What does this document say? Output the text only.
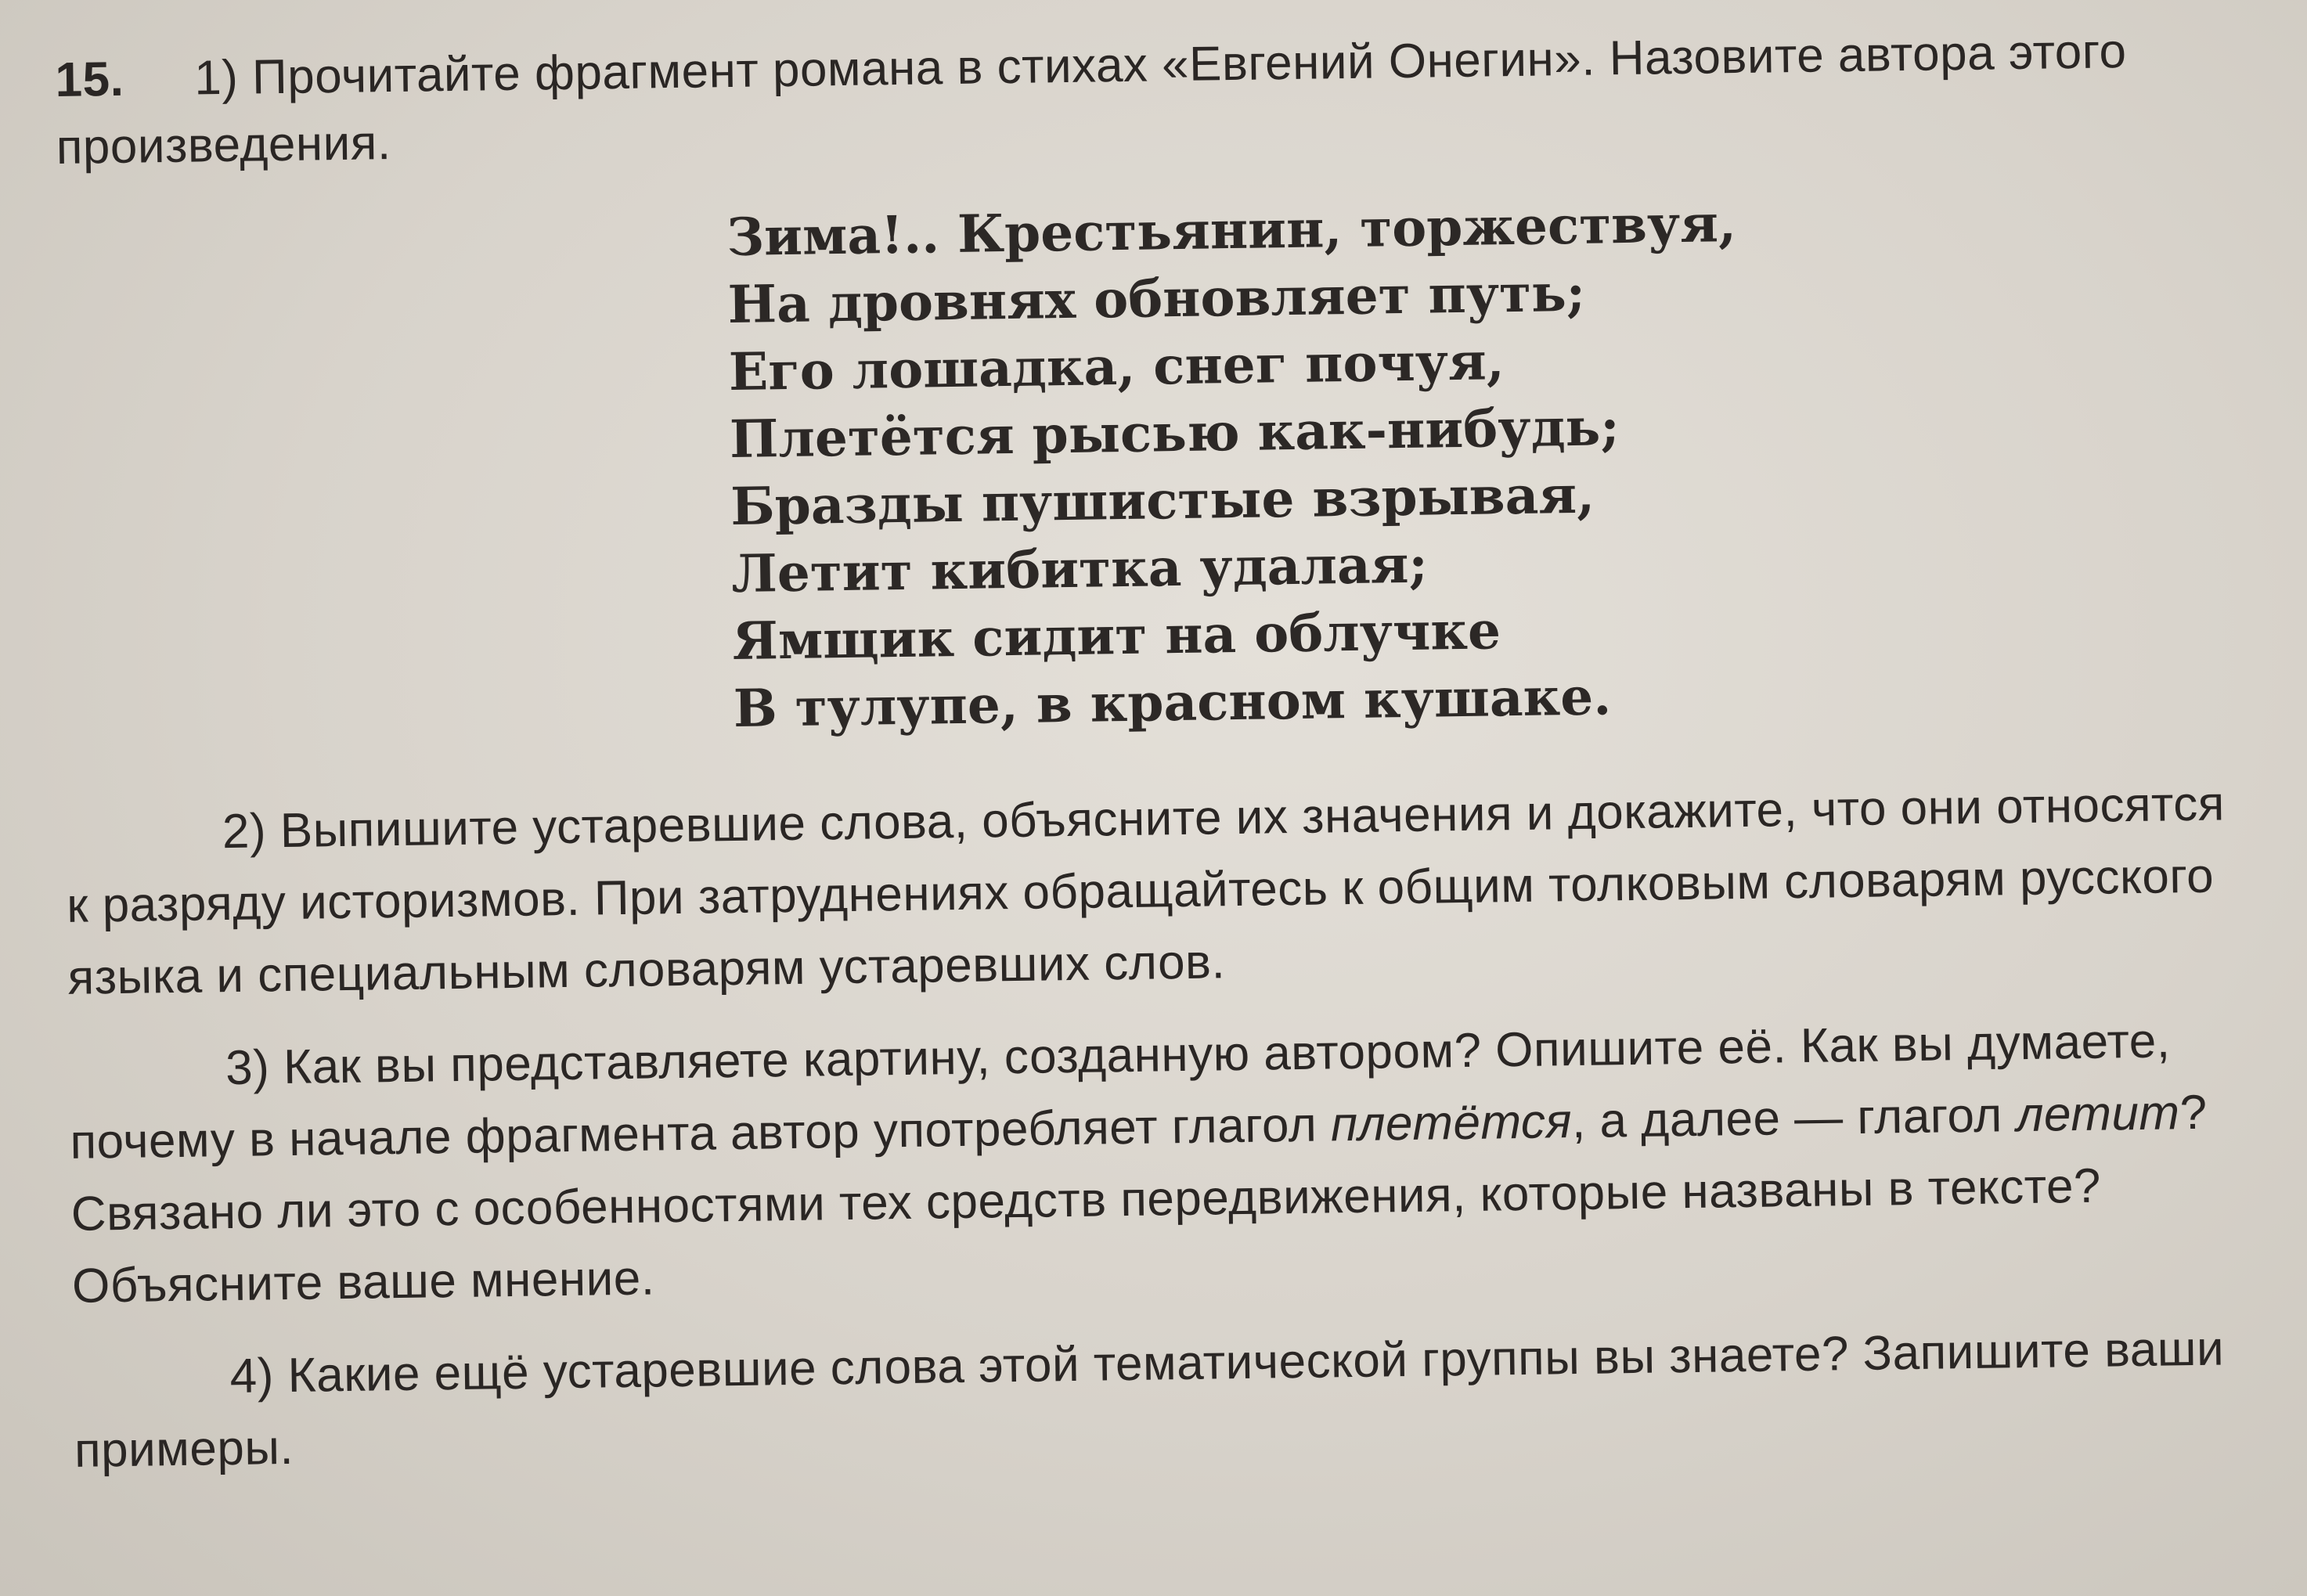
15. 1) Прочитайте фрагмент романа в стихах «Евгений Онегин». Назовите автора этого произведения.

Зима!.. Крестьянин, торжествуя,
На дровнях обновляет путь;
Его лошадка, снег почуя,
Плетётся рысью как-нибудь;
Бразды пушистые взрывая,
Летит кибитка удалая;
Ямщик сидит на облучке
В тулупе, в красном кушаке.

2) Выпишите устаревшие слова, объясните их значения и докажите, что они относятся к разряду историзмов. При затруднениях обращайтесь к общим толковым словарям русского языка и специальным словарям устаревших слов.

3) Как вы представляете картину, созданную автором? Опишите её. Как вы думаете, почему в начале фрагмента автор употребляет глагол плетётся, а далее — глагол летит? Связано ли это с особенностями тех средств передвижения, которые названы в тексте? Объясните ваше мнение.

4) Какие ещё устаревшие слова этой тематической группы вы знаете? Запишите ваши примеры.
